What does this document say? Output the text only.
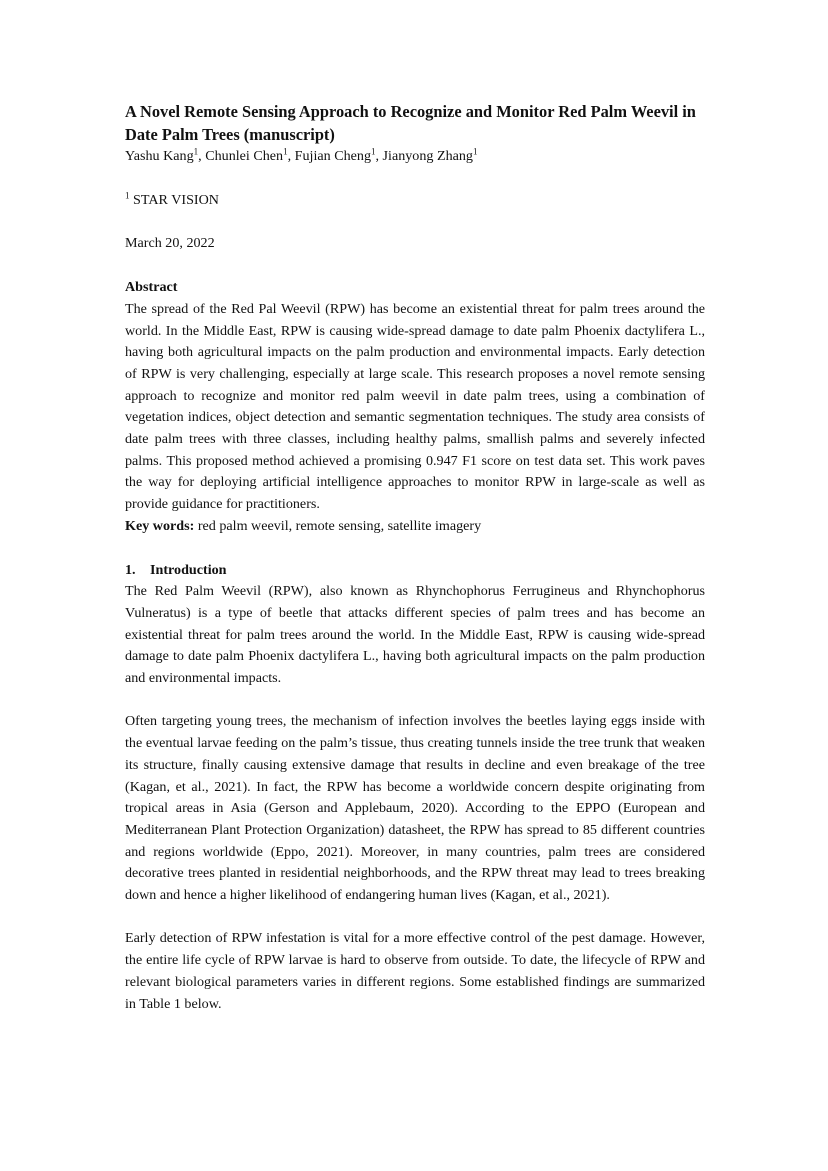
A Novel Remote Sensing Approach to Recognize and Monitor Red Palm Weevil in Date Palm Trees (manuscript)

Yashu Kang$^1$, Chunlei Chen$^1$, Fujian Cheng$^1$, Jianyong Zhang$^1$

$^1$ STAR VISION

March 20, 2022

Abstract

The spread of the Red Pal Weevil (RPW) has become an existential threat for palm trees around the world. In the Middle East, RPW is causing wide-spread damage to date palm Phoenix dactylifera L., having both agricultural impacts on the palm production and environmental impacts. Early detection of RPW is very challenging, especially at large scale. This research proposes a novel remote sensing approach to recognize and monitor red palm weevil in date palm trees, using a combination of vegetation indices, object detection and semantic segmentation techniques. The study area consists of date palm trees with three classes, including healthy palms, smallish palms and severely infected palms. This proposed method achieved a promising 0.947 F1 score on test data set. This work paves the way for deploying artificial intelligence approaches to monitor RPW in large-scale as well as provide guidance for practitioners.

Key words: red palm weevil, remote sensing, satellite imagery

1. Introduction

The Red Palm Weevil (RPW), also known as Rhynchophorus Ferrugineus and Rhynchophorus Vulneratus) is a type of beetle that attacks different species of palm trees and has become an existential threat for palm trees around the world. In the Middle East, RPW is causing wide-spread damage to date palm Phoenix dactylifera L., having both agricultural impacts on the palm production and environmental impacts.

Often targeting young trees, the mechanism of infection involves the beetles laying eggs inside with the eventual larvae feeding on the palm’s tissue, thus creating tunnels inside the tree trunk that weaken its structure, finally causing extensive damage that results in decline and even breakage of the tree (Kagan, et al., 2021). In fact, the RPW has become a worldwide concern despite originating from tropical areas in Asia (Gerson and Applebaum, 2020). According to the EPPO (European and Mediterranean Plant Protection Organization) datasheet, the RPW has spread to 85 different countries and regions worldwide (Eppo, 2021). Moreover, in many countries, palm trees are considered decorative trees planted in residential neighborhoods, and the RPW threat may lead to trees breaking down and hence a higher likelihood of endangering human lives (Kagan, et al., 2021).

Early detection of RPW infestation is vital for a more effective control of the pest damage. However, the entire life cycle of RPW larvae is hard to observe from outside. To date, the lifecycle of RPW and relevant biological parameters varies in different regions. Some established findings are summarized in Table 1 below.
